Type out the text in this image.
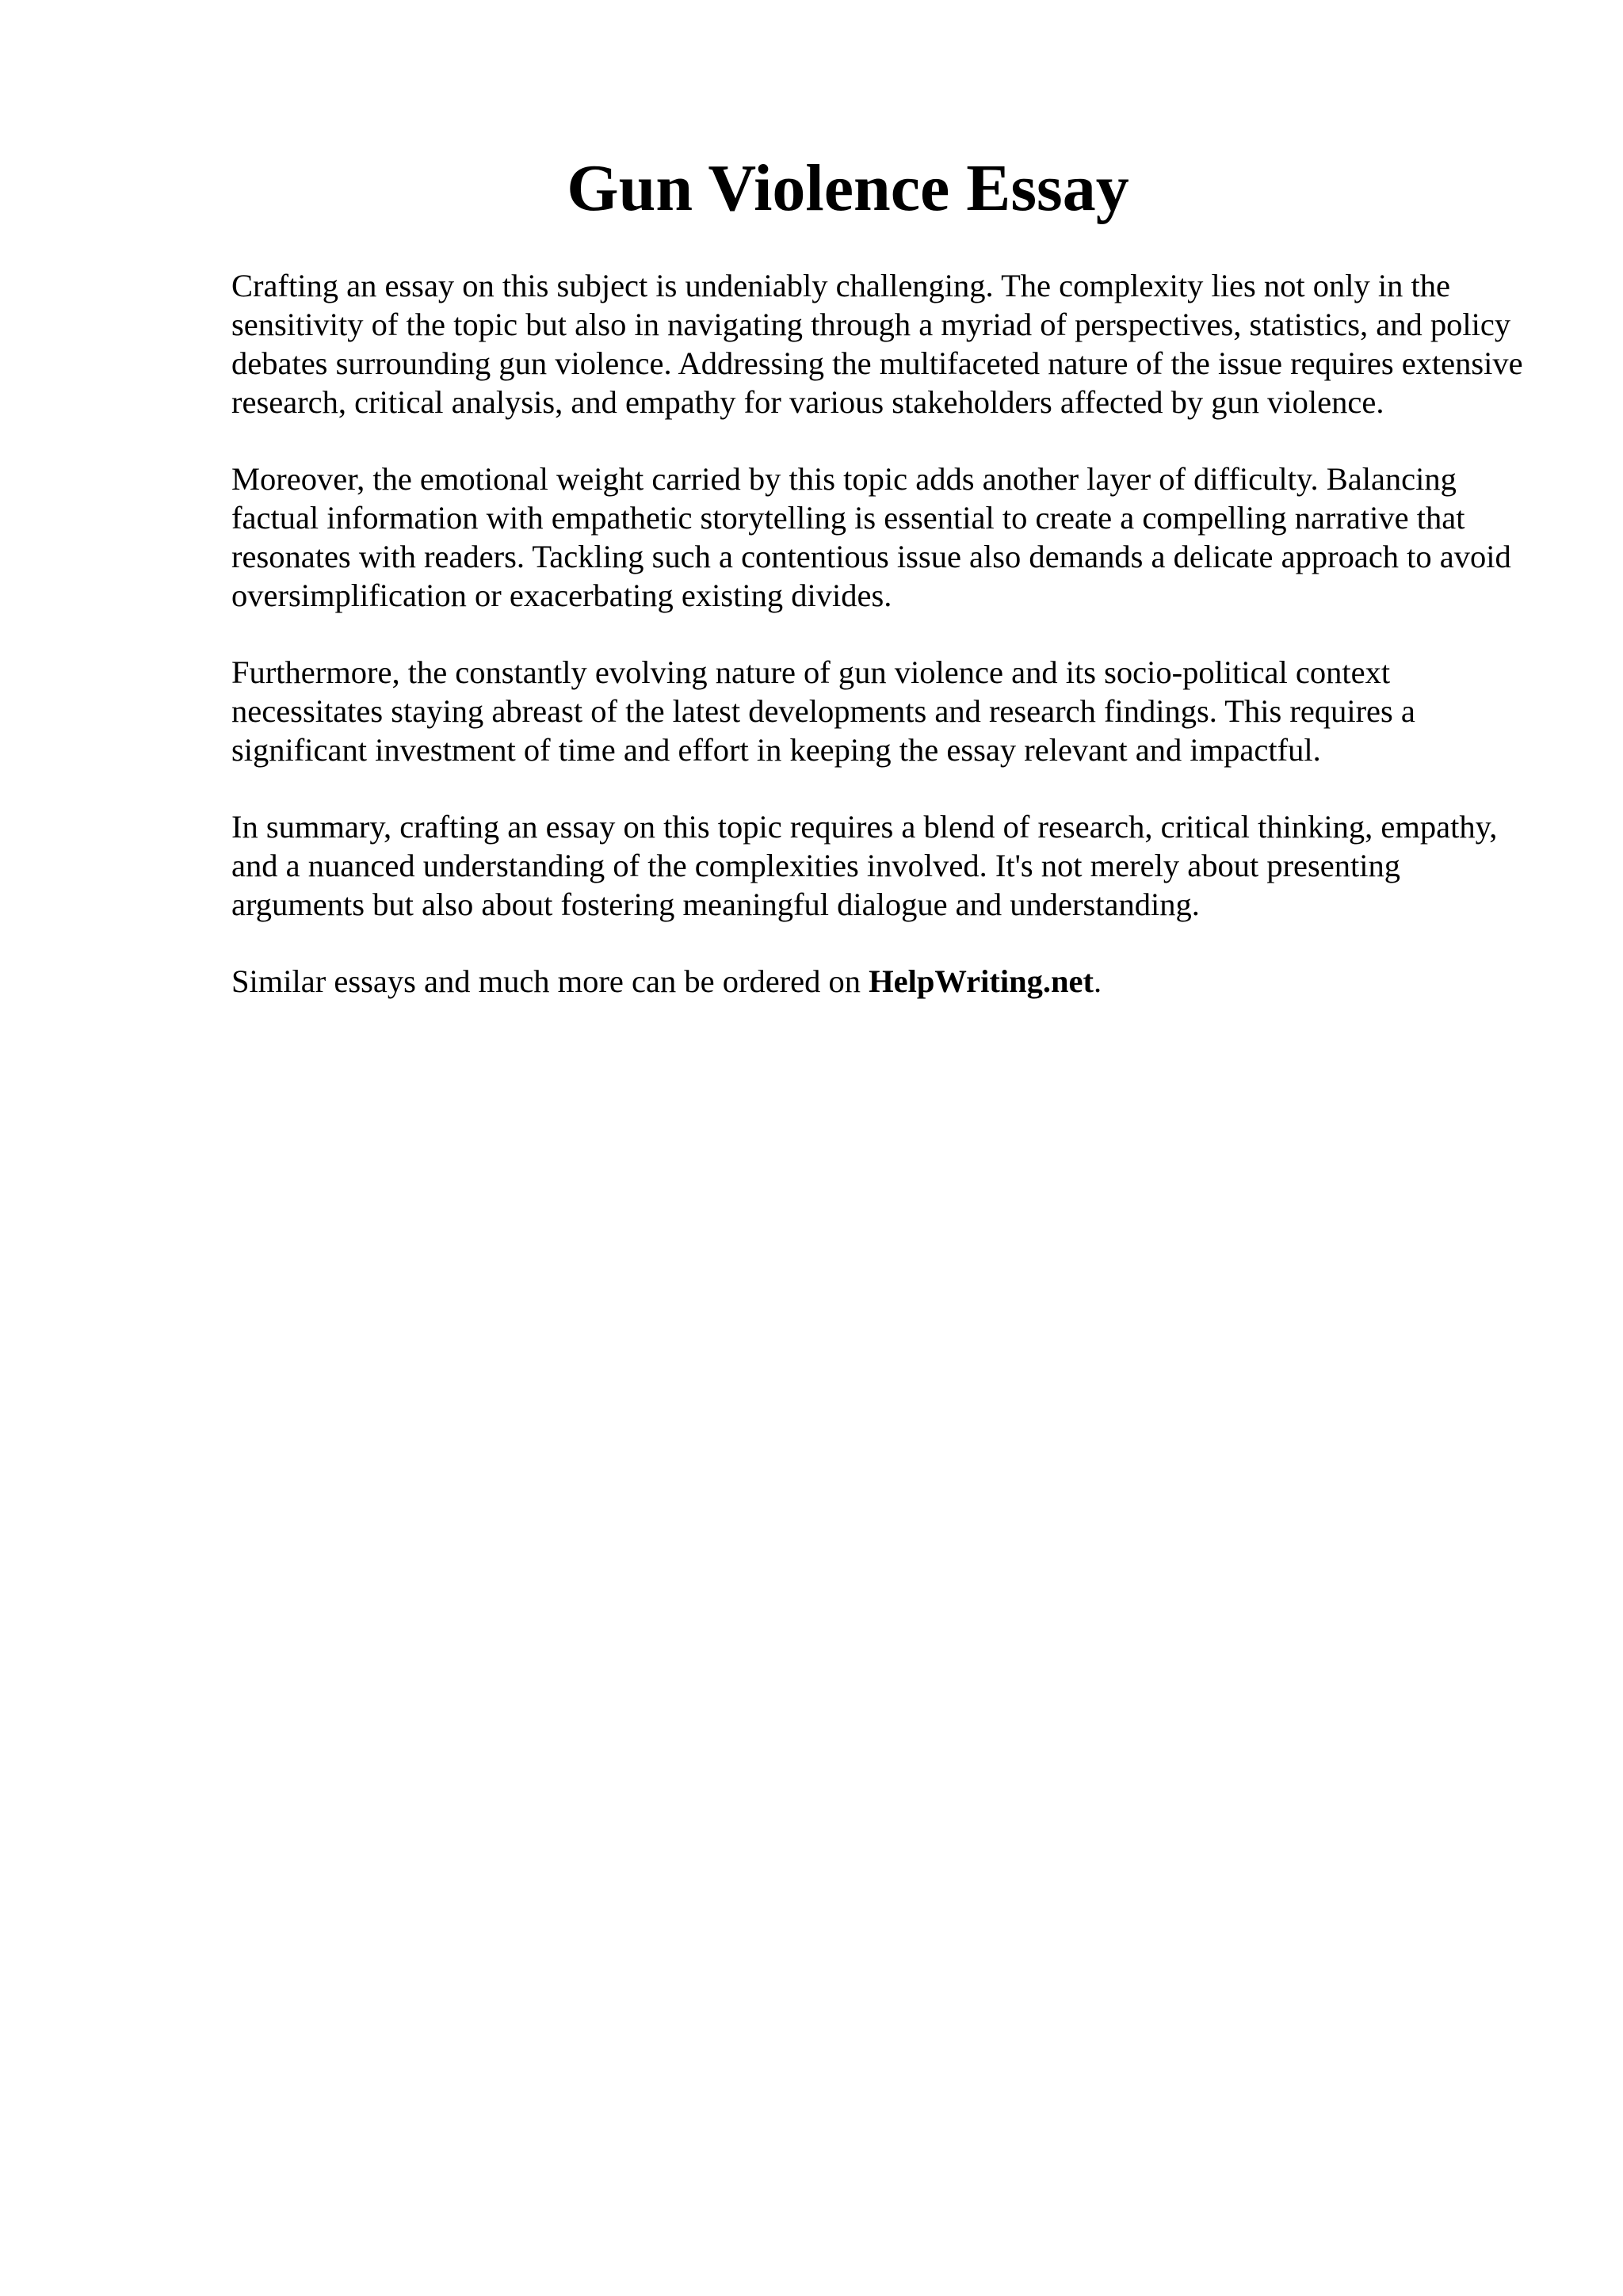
Gun Violence Essay

Crafting an essay on this subject is undeniably challenging. The complexity lies not only in the sensitivity of the topic but also in navigating through a myriad of perspectives, statistics, and policy debates surrounding gun violence. Addressing the multifaceted nature of the issue requires extensive research, critical analysis, and empathy for various stakeholders affected by gun violence.

Moreover, the emotional weight carried by this topic adds another layer of difficulty. Balancing factual information with empathetic storytelling is essential to create a compelling narrative that resonates with readers. Tackling such a contentious issue also demands a delicate approach to avoid oversimplification or exacerbating existing divides.

Furthermore, the constantly evolving nature of gun violence and its socio-political context necessitates staying abreast of the latest developments and research findings. This requires a significant investment of time and effort in keeping the essay relevant and impactful.

In summary, crafting an essay on this topic requires a blend of research, critical thinking, empathy, and a nuanced understanding of the complexities involved. It's not merely about presenting arguments but also about fostering meaningful dialogue and understanding.

Similar essays and much more can be ordered on HelpWriting.net.
